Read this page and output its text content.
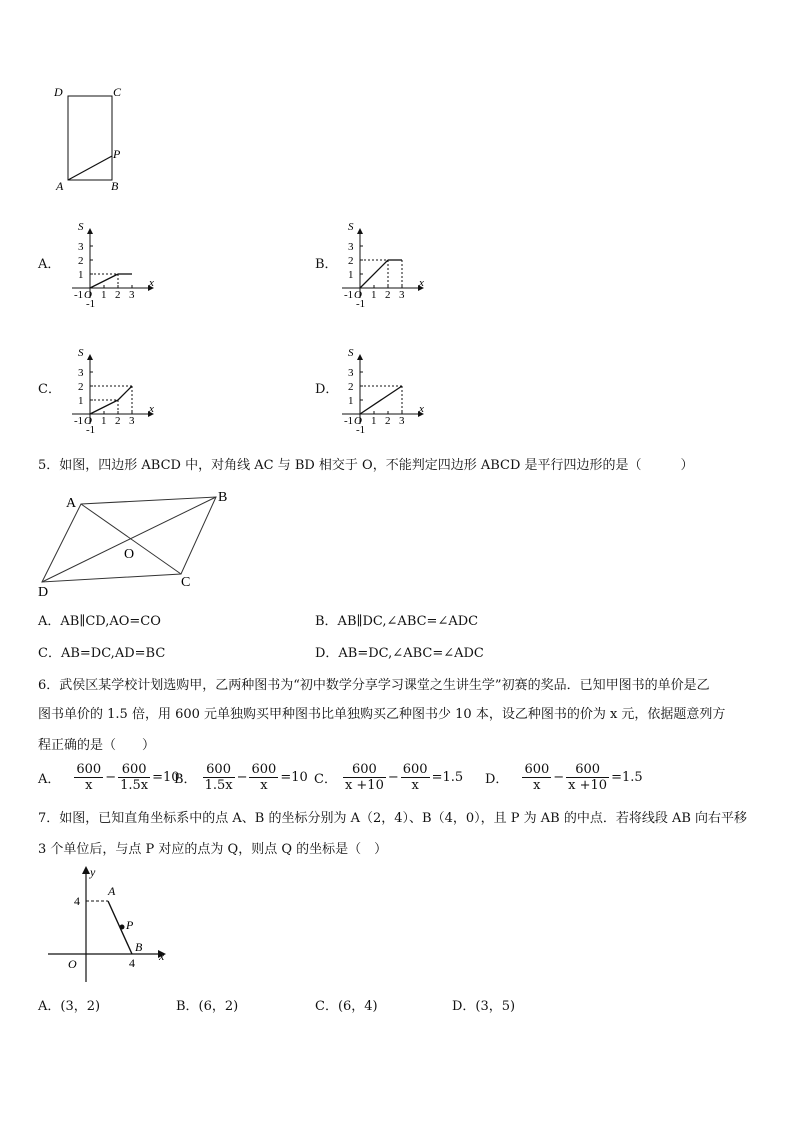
D	C
P
A	B
A．	B．
C．	D．
S
x
-1 O 1 2 3
1
2
3
-1
S
x
-1 O 1 2 3
1
2
3
-1
S
x
-1 O 1 2 3
1
2
3
-1
S
x
-1 O 1 2 3
1
2
3
-1
5．如图，四边形 ABCD 中，对角线 AC 与 BD 相交于 O，不能判定四边形 ABCD 是平行四边形的是（　　　）
A	B
O
C
D
A．AB∥CD,AO=CO	B．AB∥DC,∠ABC=∠ADC
C．AB=DC,AD=BC	D．AB=DC,∠ABC=∠ADC
6．武侯区某学校计划选购甲，乙两种图书为“初中数学分享学习课堂之生讲生学”初赛的奖品．已知甲图书的单价是乙
图书单价的 1.5 倍，用 600 元单独购买甲种图书比单独购买乙种图书少 10 本，设乙种图书的价为 x 元，依据题意列方
程正确的是（　　）
A． $\frac{600}{x} - \frac{600}{1.5x} =10$
B． $\frac{600}{1.5x} - \frac{600}{x} =10$ C． $\frac{600}{x +10} - \frac{600}{x} =1.5$ D． $\frac{600}{x} - \frac{600}{x +10} =1.5$
7．如图，已知直角坐标系中的点 A、B 的坐标分别为 A（2，4）、B（4，0），且 P 为 AB 的中点．若将线段 AB 向右平移
3 个单位后，与点 P 对应的点为 Q，则点 Q 的坐标是（　）
y
x
A
P
B
O
4
4
A．(3，2)	B．(6，2)	C．(6，4)	D．(3，5)
